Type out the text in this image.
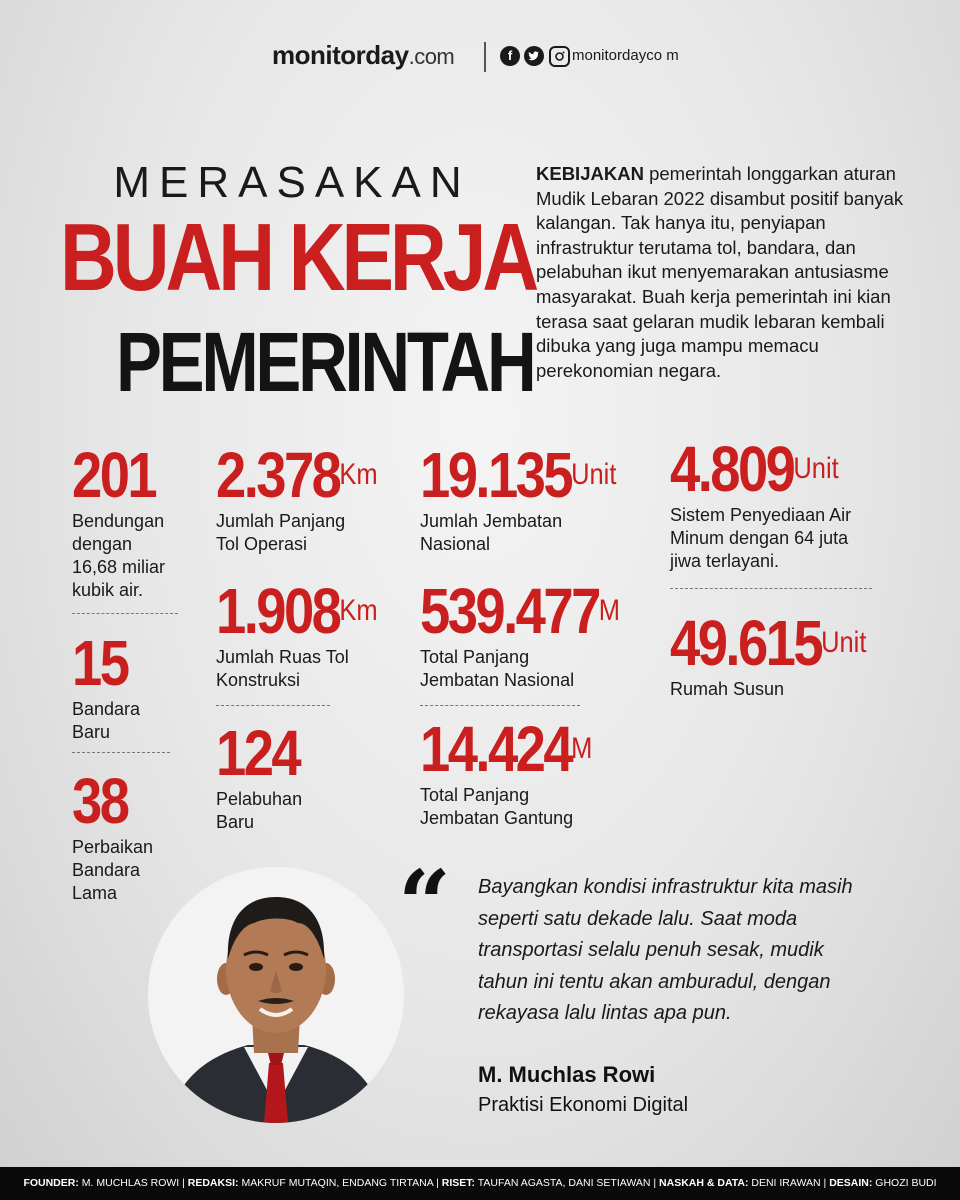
monitorday.com	f	monitordayco m
MERASAKAN
BUAH KERJA
PEMERINTAH
KEBIJAKAN pemerintah longgarkan aturan Mudik Lebaran 2022 disambut positif banyak kalangan. Tak hanya itu, penyiapan infrastruktur terutama tol, bandara, dan pelabuhan ikut menyemarakan antusiasme masyarakat. Buah kerja pemerintah ini kian terasa saat gelaran mudik lebaran kembali dibuka yang juga mampu memacu perekonomian negara.
201
Bendungan dengan 16,68 miliar kubik air.
15
Bandara Baru
38
Perbaikan Bandara Lama
$2.378^{Km}$
Jumlah Panjang Tol Operasi
$1.908^{Km}$
Jumlah Ruas Tol Konstruksi
124
Pelabuhan Baru
$19.135^{Unit}$
Jumlah Jembatan Nasional
$539.477^M$
Total Panjang Jembatan Nasional
$14.424^M$
Total Panjang Jembatan Gantung
$4.809^{Unit}$
Sistem Penyediaan Air Minum dengan 64 juta jiwa terlayani.
$49.615^{Unit}$
Rumah Susun
“ Bayangkan kondisi infrastruktur kita masih seperti satu dekade lalu. Saat moda transportasi selalu penuh sesak, mudik tahun ini tentu akan amburadul, dengan rekayasa lalu lintas apa pun.
M. Muchlas Rowi
Praktisi Ekonomi Digital
FOUNDER: M. MUCHLAS ROWI | REDAKSI: MAKRUF MUTAQIN, ENDANG TIRTANA | RISET: TAUFAN AGASTA, DANI SETIAWAN | NASKAH & DATA: DENI IRAWAN | DESAIN: GHOZI BUDI
